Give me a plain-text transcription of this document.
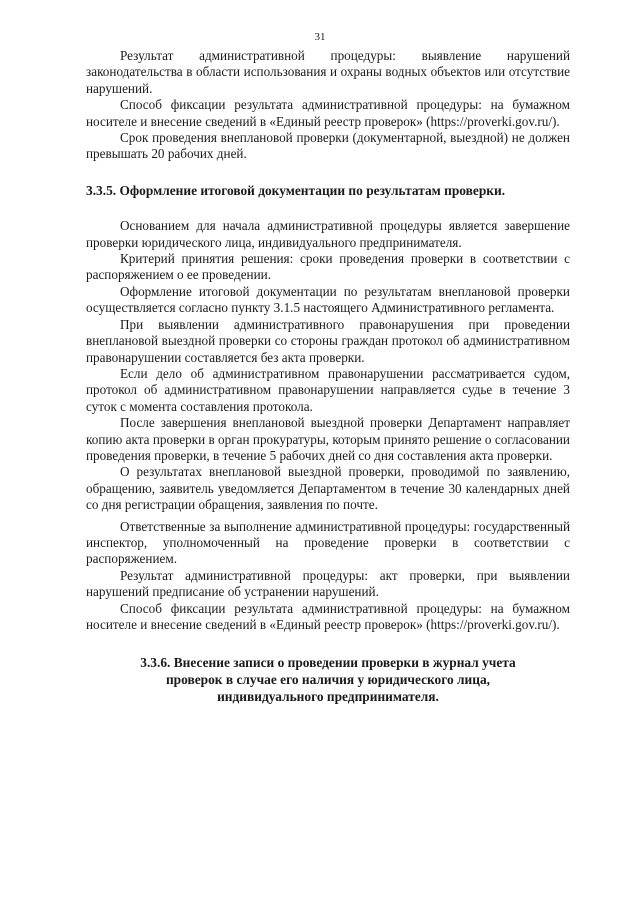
31

Результат административной процедуры: выявление нарушений законодательства в области использования и охраны водных объектов или отсутствие нарушений.

Способ фиксации результата административной процедуры: на бумажном носителе и внесение сведений в «Единый реестр проверок» (https://proverki.gov.ru/).

Срок проведения внеплановой проверки (документарной, выездной) не должен превышать 20 рабочих дней.

3.3.5. Оформление итоговой документации по результатам проверки.

Основанием для начала административной процедуры является завершение проверки юридического лица, индивидуального предпринимателя.

Критерий принятия решения: сроки проведения проверки в соответствии с распоряжением о ее проведении.

Оформление итоговой документации по результатам внеплановой проверки осуществляется согласно пункту 3.1.5 настоящего Административного регламента.

При выявлении административного правонарушения при проведении внеплановой выездной проверки со стороны граждан протокол об административном правонарушении составляется без акта проверки.

Если дело об административном правонарушении рассматривается судом, протокол об административном правонарушении направляется судье в течение 3 суток с момента составления протокола.

После завершения внеплановой выездной проверки Департамент направляет копию акта проверки в орган прокуратуры, которым принято решение о согласовании проведения проверки, в течение 5 рабочих дней со дня составления акта проверки.

О результатах внеплановой выездной проверки, проводимой по заявлению, обращению, заявитель уведомляется Департаментом в течение 30 календарных дней со дня регистрации обращения, заявления по почте.

Ответственные за выполнение административной процедуры: государственный инспектор, уполномоченный на проведение проверки в соответствии с распоряжением.

Результат административной процедуры: акт проверки, при выявлении нарушений предписание об устранении нарушений.

Способ фиксации результата административной процедуры: на бумажном носителе и внесение сведений в «Единый реестр проверок» (https://proverki.gov.ru/).

3.3.6. Внесение записи о проведении проверки в журнал учета
проверок в случае его наличия у юридического лица,
индивидуального предпринимателя.
